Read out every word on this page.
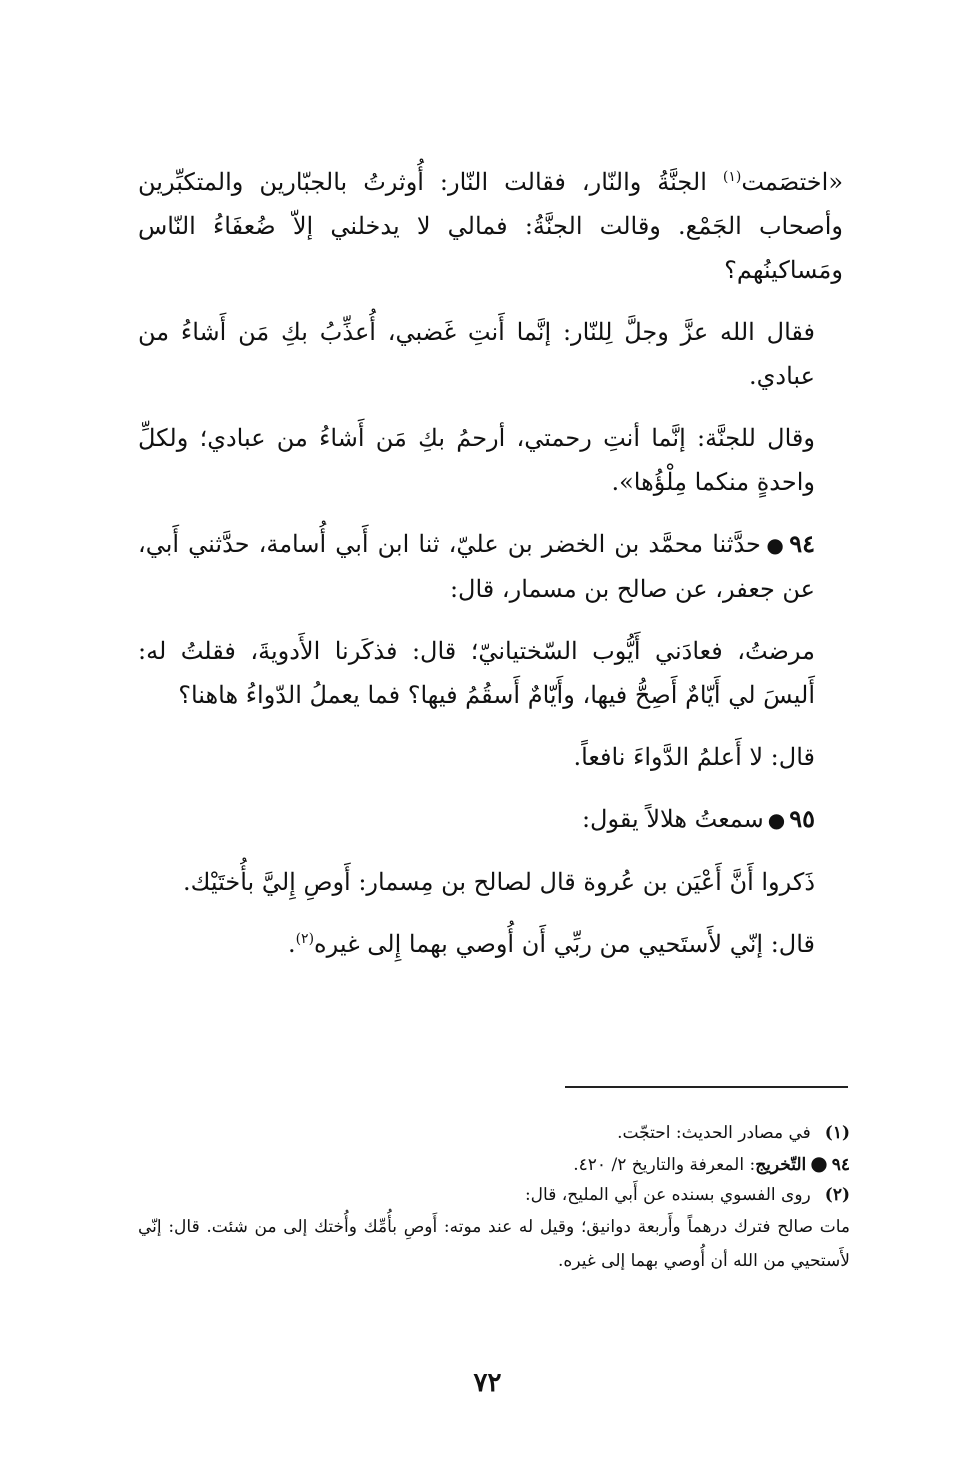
«اختصَمت$^{(١)}$ الجنَّةُ والنّار، فقالت النّار: أُوثرتُ بالجبّارين والمتكبِّرين وأصحاب الجَمْع. وقالت الجنَّةُ: فمالي لا يدخلني إلاّ ضُعفَاءُ النّاس ومَساكينُهم؟

فقال الله عزَّ وجلَّ لِلنّار: إنَّما أَنتِ غَضبي، أُعذِّبُ بكِ مَن أَشاءُ من عبادي.

وقال للجنَّة: إنَّما أنتِ رحمتي، أرحمُ بكِ مَن أَشاءُ من عبادي؛ ولكلِّ واحدةٍ منكما مِلْؤُها».

٩٤●حدَّثنا محمَّد بن الخضر بن عليّ، ثنا ابن أَبي أُسامة، حدَّثني أَبي، عن جعفر، عن صالح بن مسمار، قال:

مرضتُ، فعادَني أَيُّوب السّختيانيّ؛ قال: فذكَرنا الأَدويةَ، فقلتُ له: أَليسَ لي أَيّامٌ أَصِحُّ فيها، وأَيّامٌ أَسقُمُ فيها؟ فما يعملُ الدّواءُ هاهنا؟

قال: لا أَعلمُ الدَّواءَ نافعاً.

٩٥●سمعتُ هلالاً يقول:

ذَكروا أَنَّ أَعْيَن بن عُروة قال لصالح بن مِسمار: أَوصِ إِليَّ بأُختَيْك.

قال: إنّي لأَستَحيي من ربِّي أَن أُوصي بهما إِلى غيره$^{(٢)}$.

(١)في مصادر الحديث: احتجّت.

٩٤●التّخريج: المعرفة والتاريخ ٢/ ٤٢٠.

(٢)روى الفسوي بسنده عن أَبي المليح، قال:

مات صالح فترك درهماً وأَربعة دوانيق؛ وقيل له عند موته: أَوصِ بأُمِّك وأُختك إلى من شئت. قال: إنّي لأَستحيي من الله أن أُوصي بهما إلى غيره.

٧٢
